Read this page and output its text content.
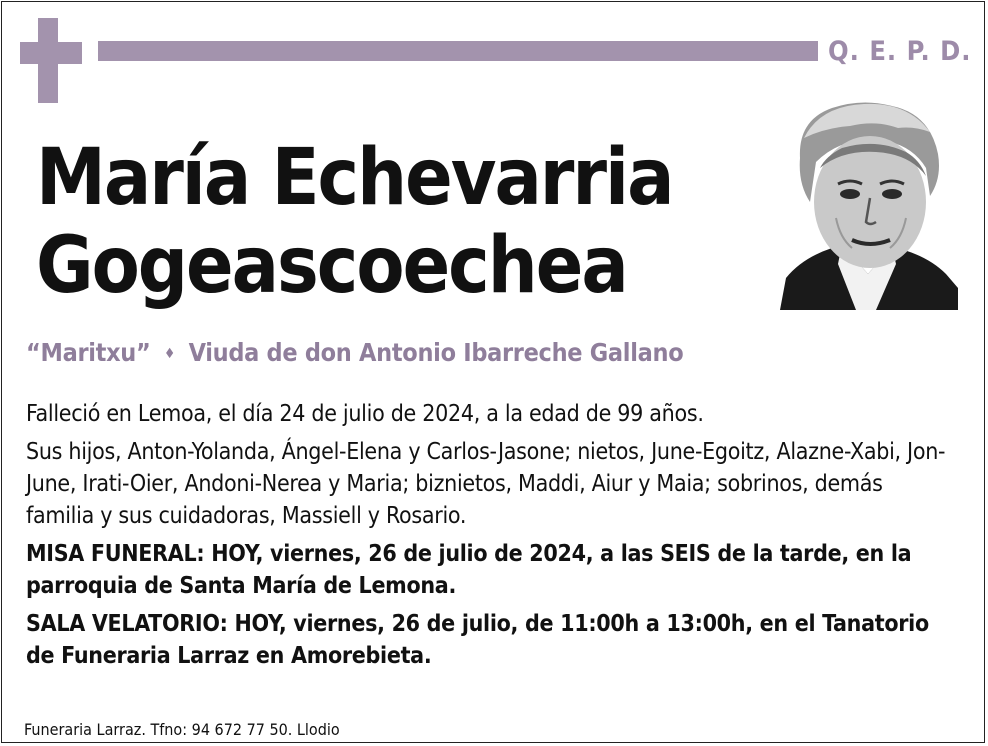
Q. E. P. D.
María Echevarria
Gogeascoechea
“Maritxu” ♦ Viuda de don Antonio Ibarreche Gallano

Falleció en Lemoa, el día 24 de julio de 2024, a la edad de 99 años.

Sus hijos, Anton-Yolanda, Ángel-Elena y Carlos-Jasone; nietos, June-Egoitz, Alazne-Xabi, Jon-June, Irati-Oier, Andoni-Nerea y Maria; biznietos, Maddi, Aiur y Maia; sobrinos, demás familia y sus cuidadoras, Massiell y Rosario.

MISA FUNERAL: HOY, viernes, 26 de julio de 2024, a las SEIS de la tarde, en la parroquia de Santa María de Lemona.

SALA VELATORIO: HOY, viernes, 26 de julio, de 11:00h a 13:00h, en el Tanatorio de Funeraria Larraz en Amorebieta.

Funeraria Larraz. Tfno: 94 672 77 50. Llodio
